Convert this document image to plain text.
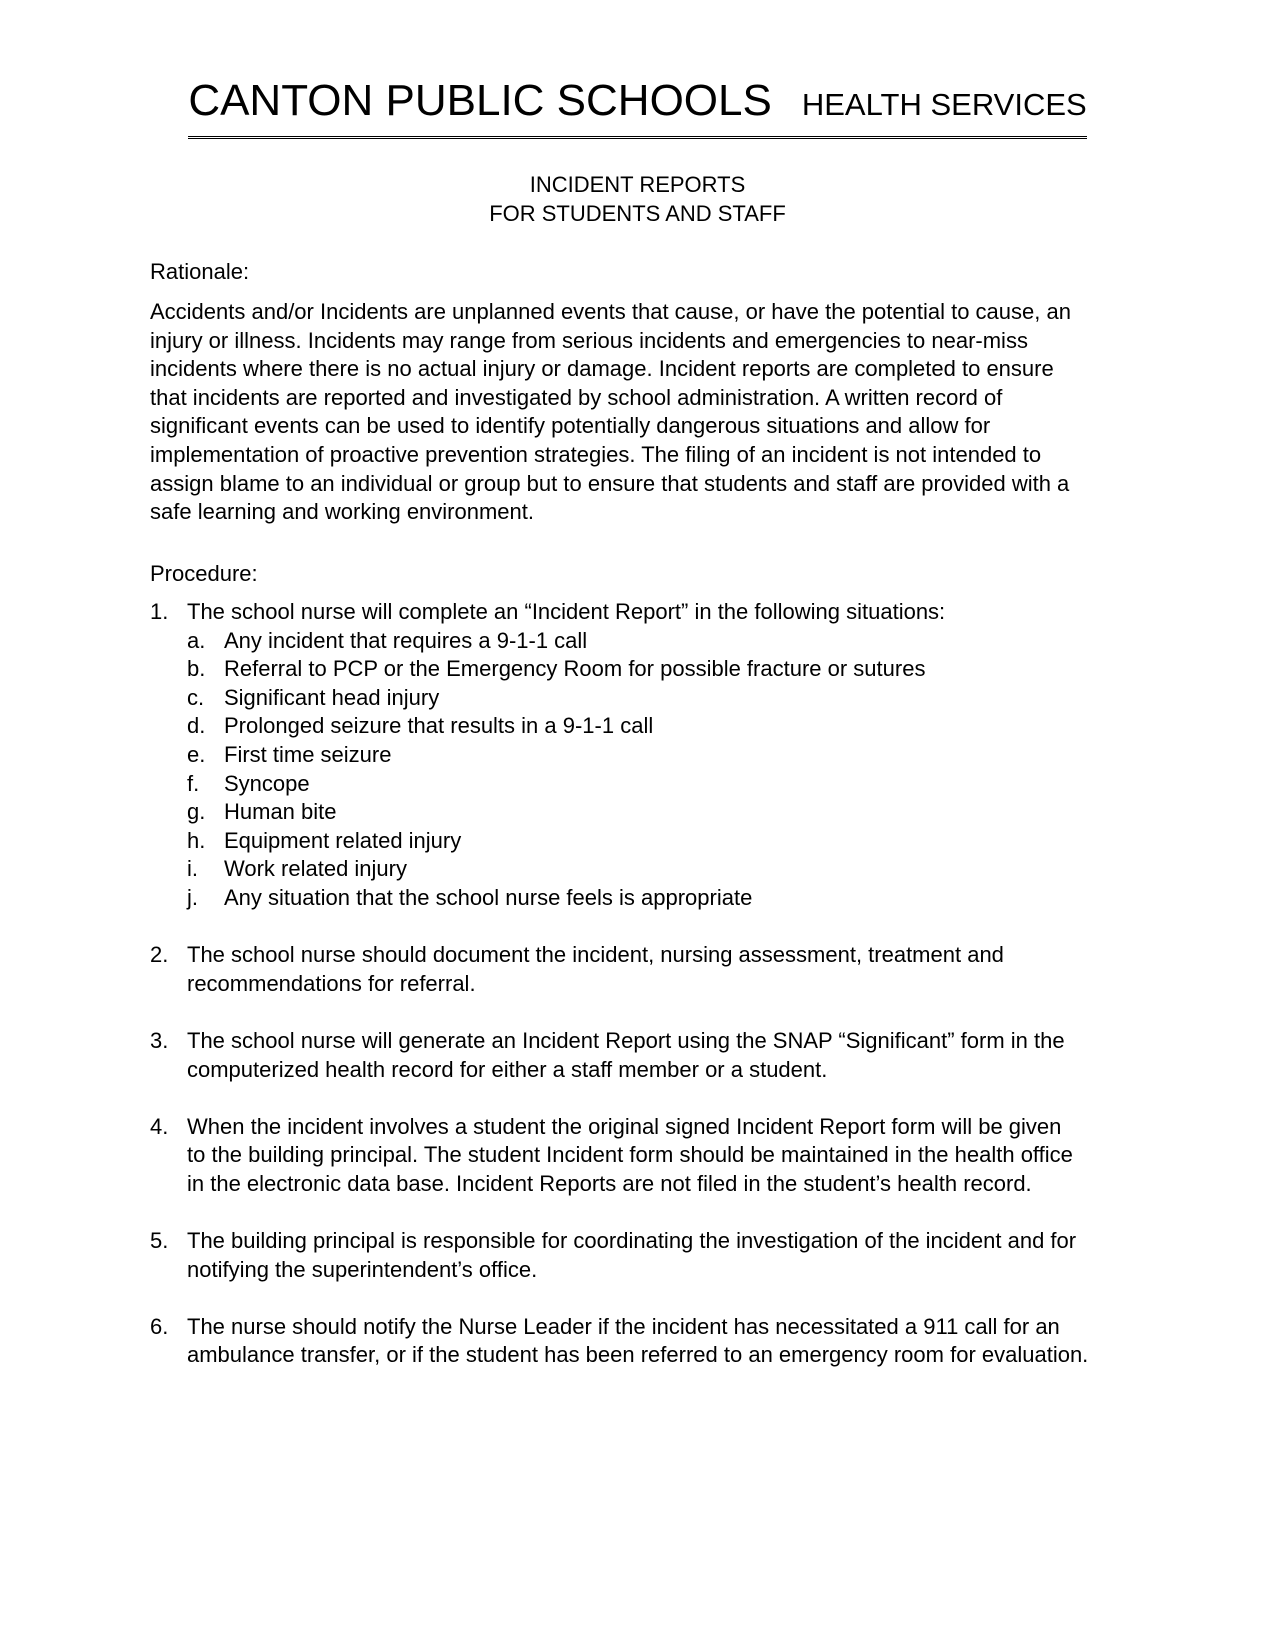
CANTON PUBLIC SCHOOLS HEALTH SERVICES
INCIDENT REPORTS
FOR STUDENTS AND STAFF
Rationale:
Accidents and/or Incidents are unplanned events that cause, or have the potential to cause, an
injury or illness. Incidents may range from serious incidents and emergencies to near-miss
incidents where there is no actual injury or damage. Incident reports are completed to ensure
that incidents are reported and investigated by school administration. A written record of
significant events can be used to identify potentially dangerous situations and allow for
implementation of proactive prevention strategies. The filing of an incident is not intended to
assign blame to an individual or group but to ensure that students and staff are provided with a
safe learning and working environment.
Procedure:
1. The school nurse will complete an “Incident Report” in the following situations:
a. Any incident that requires a 9-1-1 call
b. Referral to PCP or the Emergency Room for possible fracture or sutures
c. Significant head injury
d. Prolonged seizure that results in a 9-1-1 call
e. First time seizure
f. Syncope
g. Human bite
h. Equipment related injury
i. Work related injury
j. Any situation that the school nurse feels is appropriate
2. The school nurse should document the incident, nursing assessment, treatment and
recommendations for referral.
3. The school nurse will generate an Incident Report using the SNAP “Significant” form in the
computerized health record for either a staff member or a student.
4. When the incident involves a student the original signed Incident Report form will be given
to the building principal. The student Incident form should be maintained in the health office
in the electronic data base. Incident Reports are not filed in the student’s health record.
5. The building principal is responsible for coordinating the investigation of the incident and for
notifying the superintendent’s office.
6. The nurse should notify the Nurse Leader if the incident has necessitated a 911 call for an
ambulance transfer, or if the student has been referred to an emergency room for evaluation.
